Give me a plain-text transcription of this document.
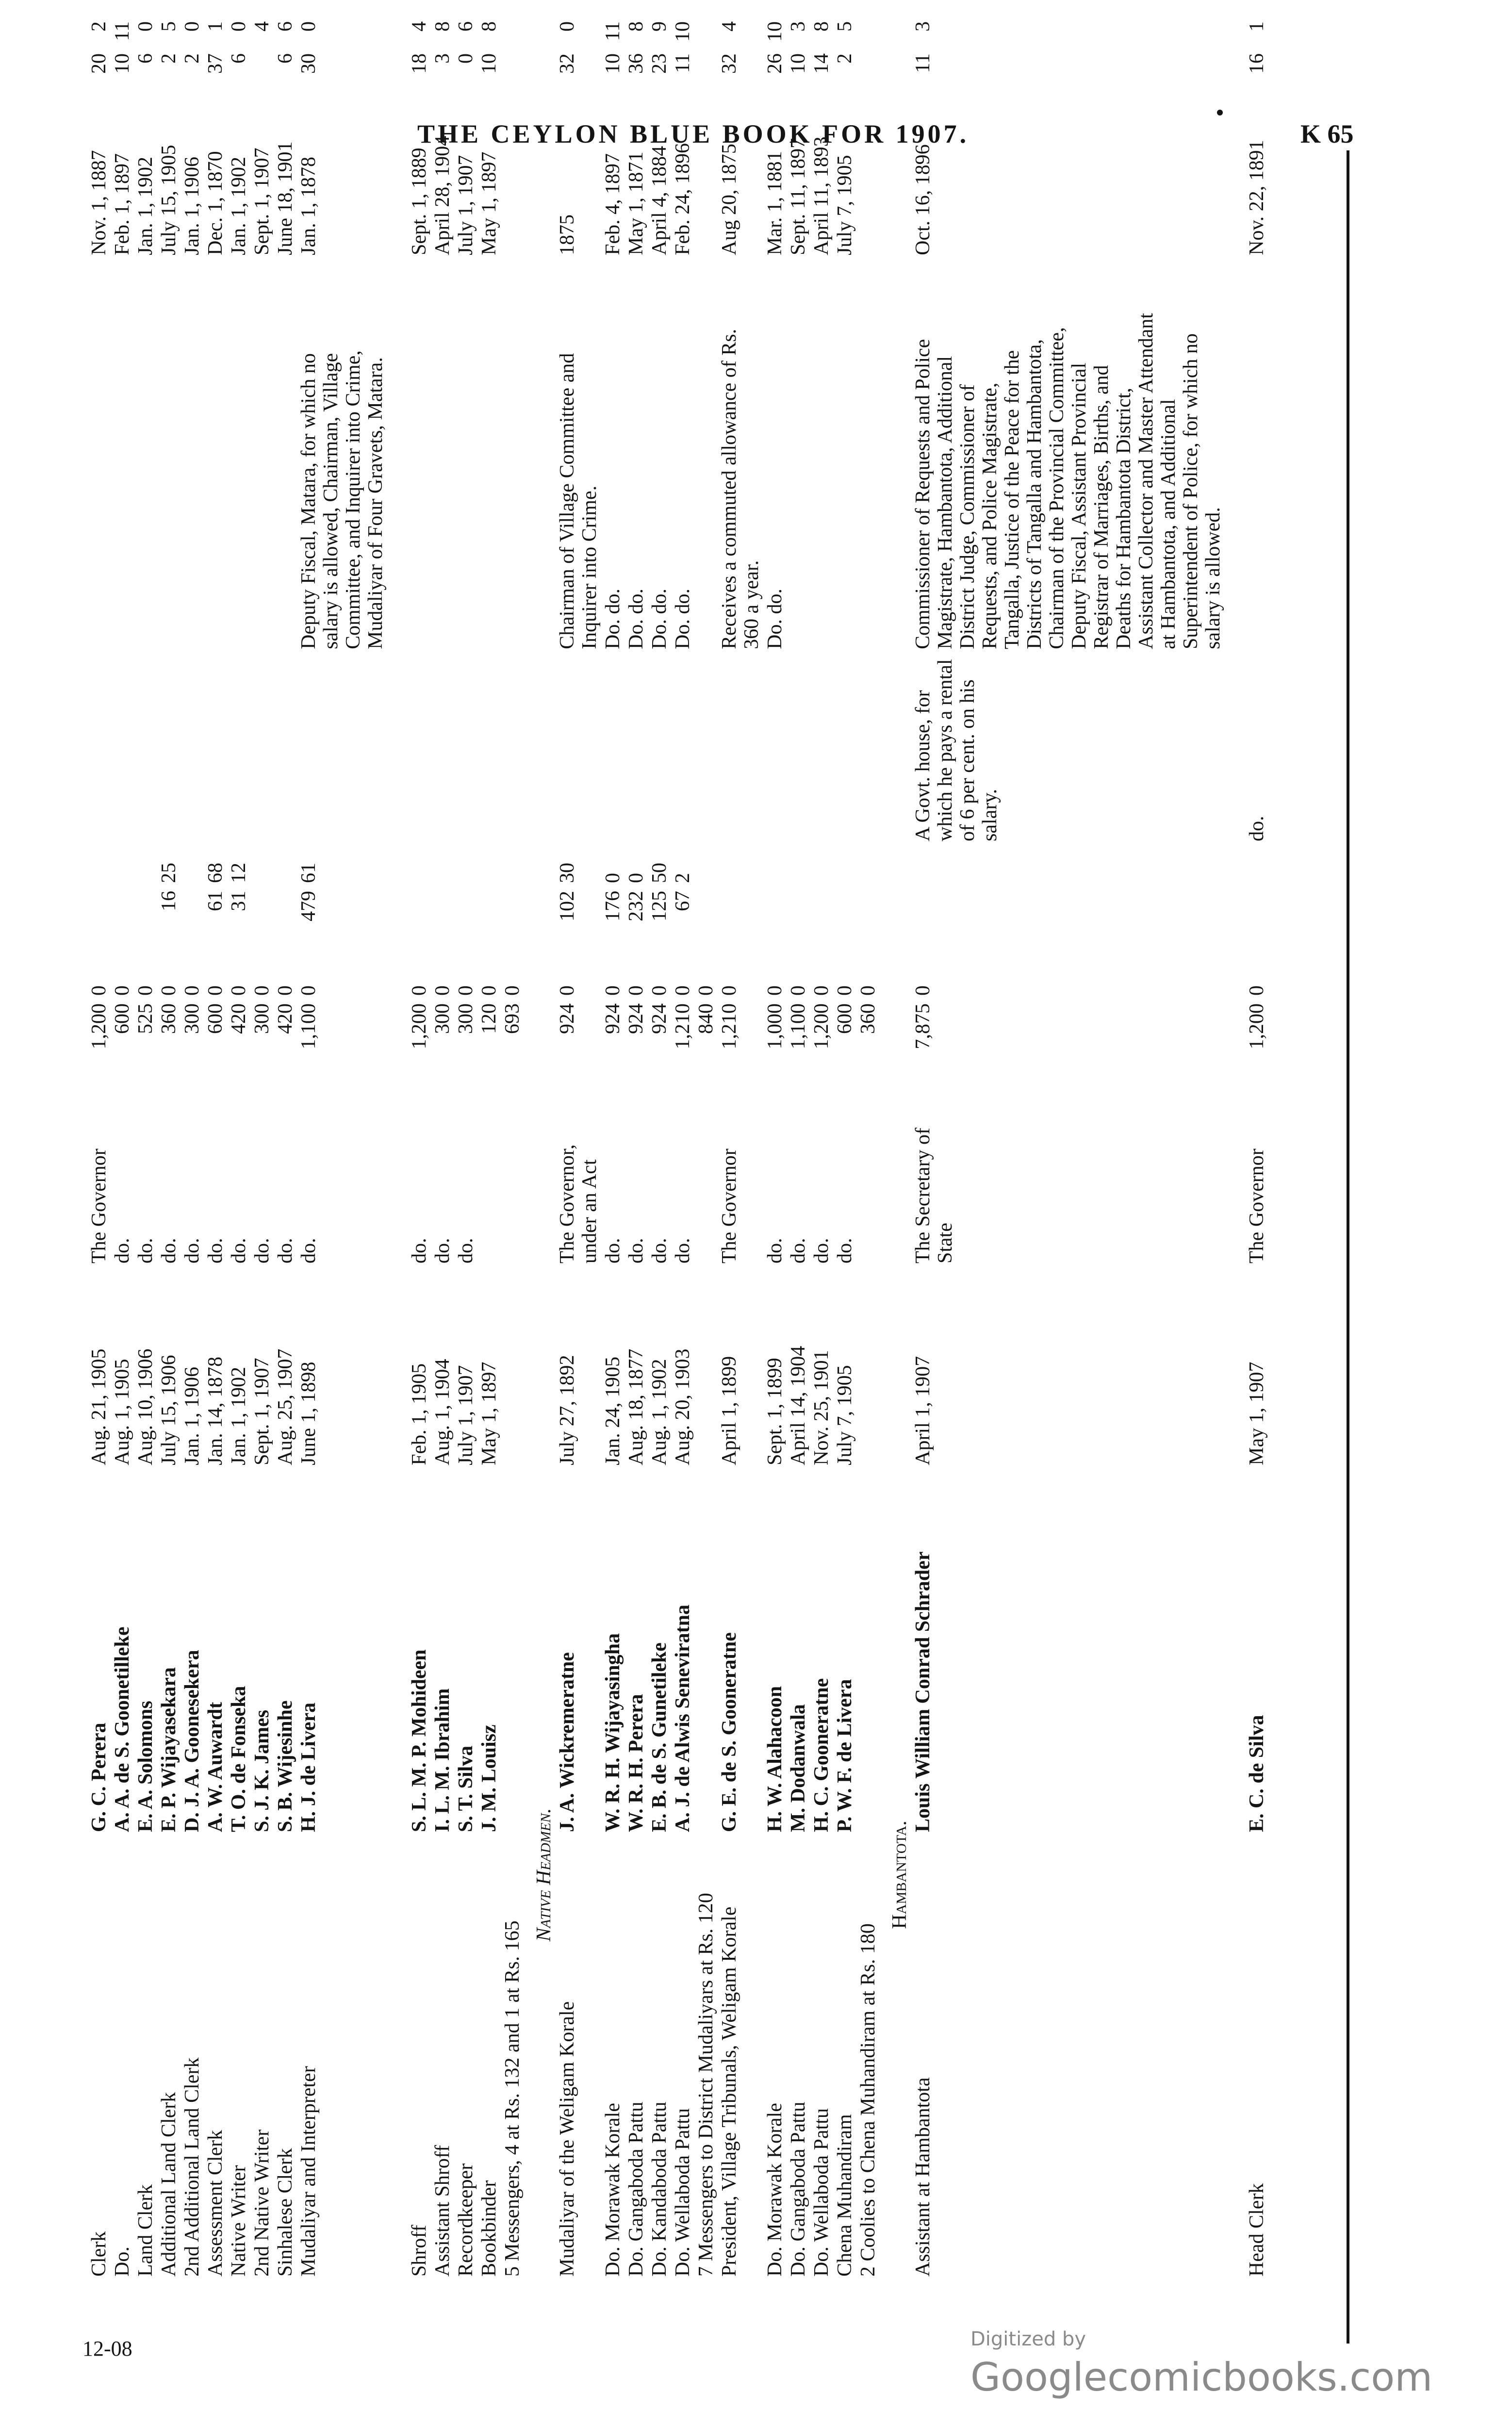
THE CEYLON BLUE BOOK FOR 1907.	K 65
Clerk	G. C. Perera	Aug. 21, 1905	The Governor	1,200	0						Nov. 1, 1887	20	2
Do.	A. A. de S. Goonetilleke	Aug. 1, 1905	do.	600	0						Feb. 1, 1897	10	11
Land Clerk	E. A. Solomons	Aug. 10, 1906	do.	525	0						Jan. 1, 1902	6	0
Additional Land Clerk	E. P. Wijayasekara	July 15, 1906	do.	360	0	16	25				July 15, 1905	2	5
2nd Additional Land Clerk	D. J. A. Goonesekera	Jan. 1, 1906	do.	300	0						Jan. 1, 1906	2	0
Assessment Clerk	A. W. Auwardt	Jan. 14, 1878	do.	600	0	61	68				Dec. 1, 1870	37	1
Native Writer	T. O. de Fonseka	Jan. 1, 1902	do.	420	0	31	12				Jan. 1, 1902	6	0
2nd Native Writer	S. J. K. James	Sept. 1, 1907	do.	300	0						Sept. 1, 1907		4
Sinhalese Clerk	S. B. Wijesinhe	Aug. 25, 1907	do.	420	0						June 18, 1901	6	6
Mudaliyar and Interpreter	H. J. de Livera	June 1, 1898	do.	1,100	0	479	61		Deputy Fiscal, Matara, for which no salary is allowed, Chairman, Village Committee, and Inquirer into Crime, Mudaliyar of Four Gravets, Matara.		Jan. 1, 1878	30	0

Shroff	S. L. M. P. Mohideen	Feb. 1, 1905	do.	1,200	0						Sept. 1, 1889	18	4
Assistant Shroff	I. L. M. Ibrahim	Aug. 1, 1904	do.	300	0						April 28, 1904	3	8
Recordkeeper	S. T. Silva	July 1, 1907	do.	300	0						July 1, 1907	0	6
Bookbinder	J. M. Louisz	May 1, 1897		120	0						May 1, 1897	10	8
5 Messengers, 4 at Rs. 132 and 1 at Rs. 165				693	0								
Native Headmen.													
Mudaliyar of the Weligam Korale	J. A. Wickremeratne	July 27, 1892	The Governor, under an Act	924	0	102	30		Chairman of Village Committee and Inquirer into Crime.		1875	32	0
Do. Morawak Korale	W. R. H. Wijayasingha	Jan. 24, 1905	do.	924	0	176	0		Do. do.		Feb. 4, 1897	10	11
Do. Gangaboda Pattu	W. R. H. Perera	Aug. 18, 1877	do.	924	0	232	0		Do. do.		May 1, 1871	36	8
Do. Kandaboda Pattu	E. B. de S. Gunetileke	Aug. 1, 1902	do.	924	0	125	50		Do. do.		April 4, 1884	23	9
Do. Wellaboda Pattu	A. J. de Alwis Seneviratna	Aug. 20, 1903	do.	1,210	0	67	2		Do. do.		Feb. 24, 1896	11	10
7 Messengers to District Mudaliyars at Rs. 120				840	0								
President, Village Tribunals, Weligam Korale	G. E. de S. Gooneratne	April 1, 1899	The Governor	1,210	0				Receives a commuted allowance of Rs. 360 a year.		Aug 20, 1875	32	4
Do. Morawak Korale	H. W. Alahacoon	Sept. 1, 1899	do.	1,000	0				Do. do.		Mar. 1, 1881	26	10
Do. Gangaboda Pattu	M. Dodanwala	April 14, 1904	do.	1,100	0						Sept. 11, 1897	10	3
Do. Wellaboda Pattu	H. C. Gooneratne	Nov. 25, 1901	do.	1,200	0						April 11, 1893	14	8
Chena Muhandiram	P. W. F. de Livera	July 7, 1905	do.	600	0						July 7, 1905	2	5
2 Coolies to Chena Muhandiram at Rs. 180				360	0								
Hambantota.													
Assistant at Hambantota	Louis William Conrad Schrader	April 1, 1907	The Secretary of State	7,875	0			A Govt. house, for which he pays a rental of 6 per cent. on his salary.	Commissioner of Requests and Police Magistrate, Hambantota, Additional District Judge, Commissioner of Requests, and Police Magistrate, Tangalla, Justice of the Peace for the Districts of Tangalla and Hambantota, Chairman of the Provincial Committee, Deputy Fiscal, Assistant Provincial Registrar of Marriages, Births, and Deaths for Hambantota District, Assistant Collector and Master Attendant at Hambantota, and Additional Superintendent of Police, for which no salary is allowed.		Oct. 16, 1896	11	3

Head Clerk	E. C. de Silva	May 1, 1907	The Governor	1,200	0			do.			Nov. 22, 1891	16	1
12-08	Digitized by Googlecomicbooks.com
